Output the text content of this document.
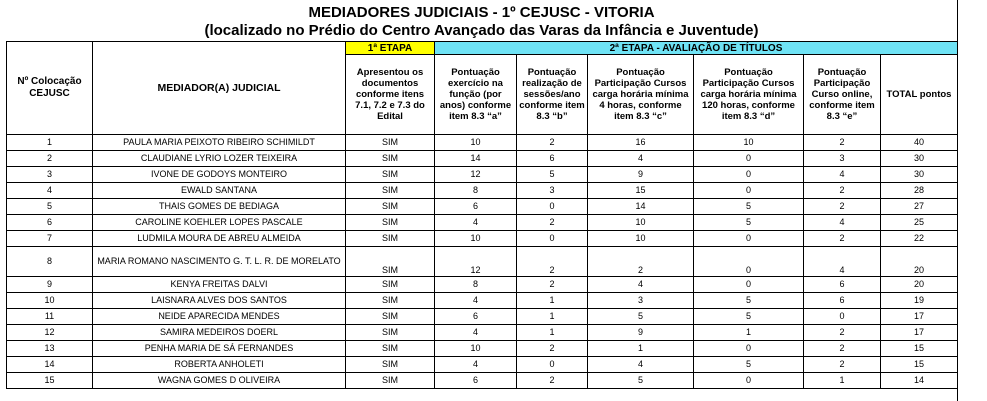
MEDIADORES JUDICIAIS - 1º CEJUSC - VITORIA
(localizado no Prédio do Centro Avançado das Varas da Infância e Juventude)
Nº Colocação CEJUSC	MEDIADOR(A) JUDICIAL	1ª ETAPA	2ª ETAPA - AVALIAÇÃO DE TÍTULOS					
		Apresentou os documentos conforme itens 7.1, 7.2 e 7.3 do Edital	Pontuação exercício na função (por anos) conforme item 8.3 “a”	Pontuação realização de sessões/ano conforme item 8.3 “b”	Pontuação Participação Cursos carga horária mínima 4 horas, conforme item 8.3 “c”	Pontuação Participação Cursos carga horária mínima 120 horas, conforme item 8.3 “d”	Pontuação Participação Curso online, conforme item 8.3 “e”	TOTAL pontos
1	PAULA MARIA PEIXOTO RIBEIRO SCHIMILDT	SIM	10	2	16	10	2	40
2	CLAUDIANE LYRIO LOZER TEIXEIRA	SIM	14	6	4	0	3	30
3	IVONE DE GODOYS MONTEIRO	SIM	12	5	9	0	4	30
4	EWALD SANTANA	SIM	8	3	15	0	2	28
5	THAIS GOMES DE BEDIAGA	SIM	6	0	14	5	2	27
6	CAROLINE KOEHLER LOPES PASCALE	SIM	4	2	10	5	4	25
7	LUDMILA MOURA DE ABREU ALMEIDA	SIM	10	0	10	0	2	22
8	MARIA ROMANO NASCIMENTO G. T. L. R. DE MORELATO	SIM	12	2	2	0	4	20
9	KENYA FREITAS DALVI	SIM	8	2	4	0	6	20
10	LAISNARA ALVES DOS SANTOS	SIM	4	1	3	5	6	19
11	NEIDE APARECIDA MENDES	SIM	6	1	5	5	0	17
12	SAMIRA MEDEIROS DOERL	SIM	4	1	9	1	2	17
13	PENHA MARIA DE SÁ FERNANDES	SIM	10	2	1	0	2	15
14	ROBERTA ANHOLETI	SIM	4	0	4	5	2	15
15	WAGNA GOMES D OLIVEIRA	SIM	6	2	5	0	1	14
